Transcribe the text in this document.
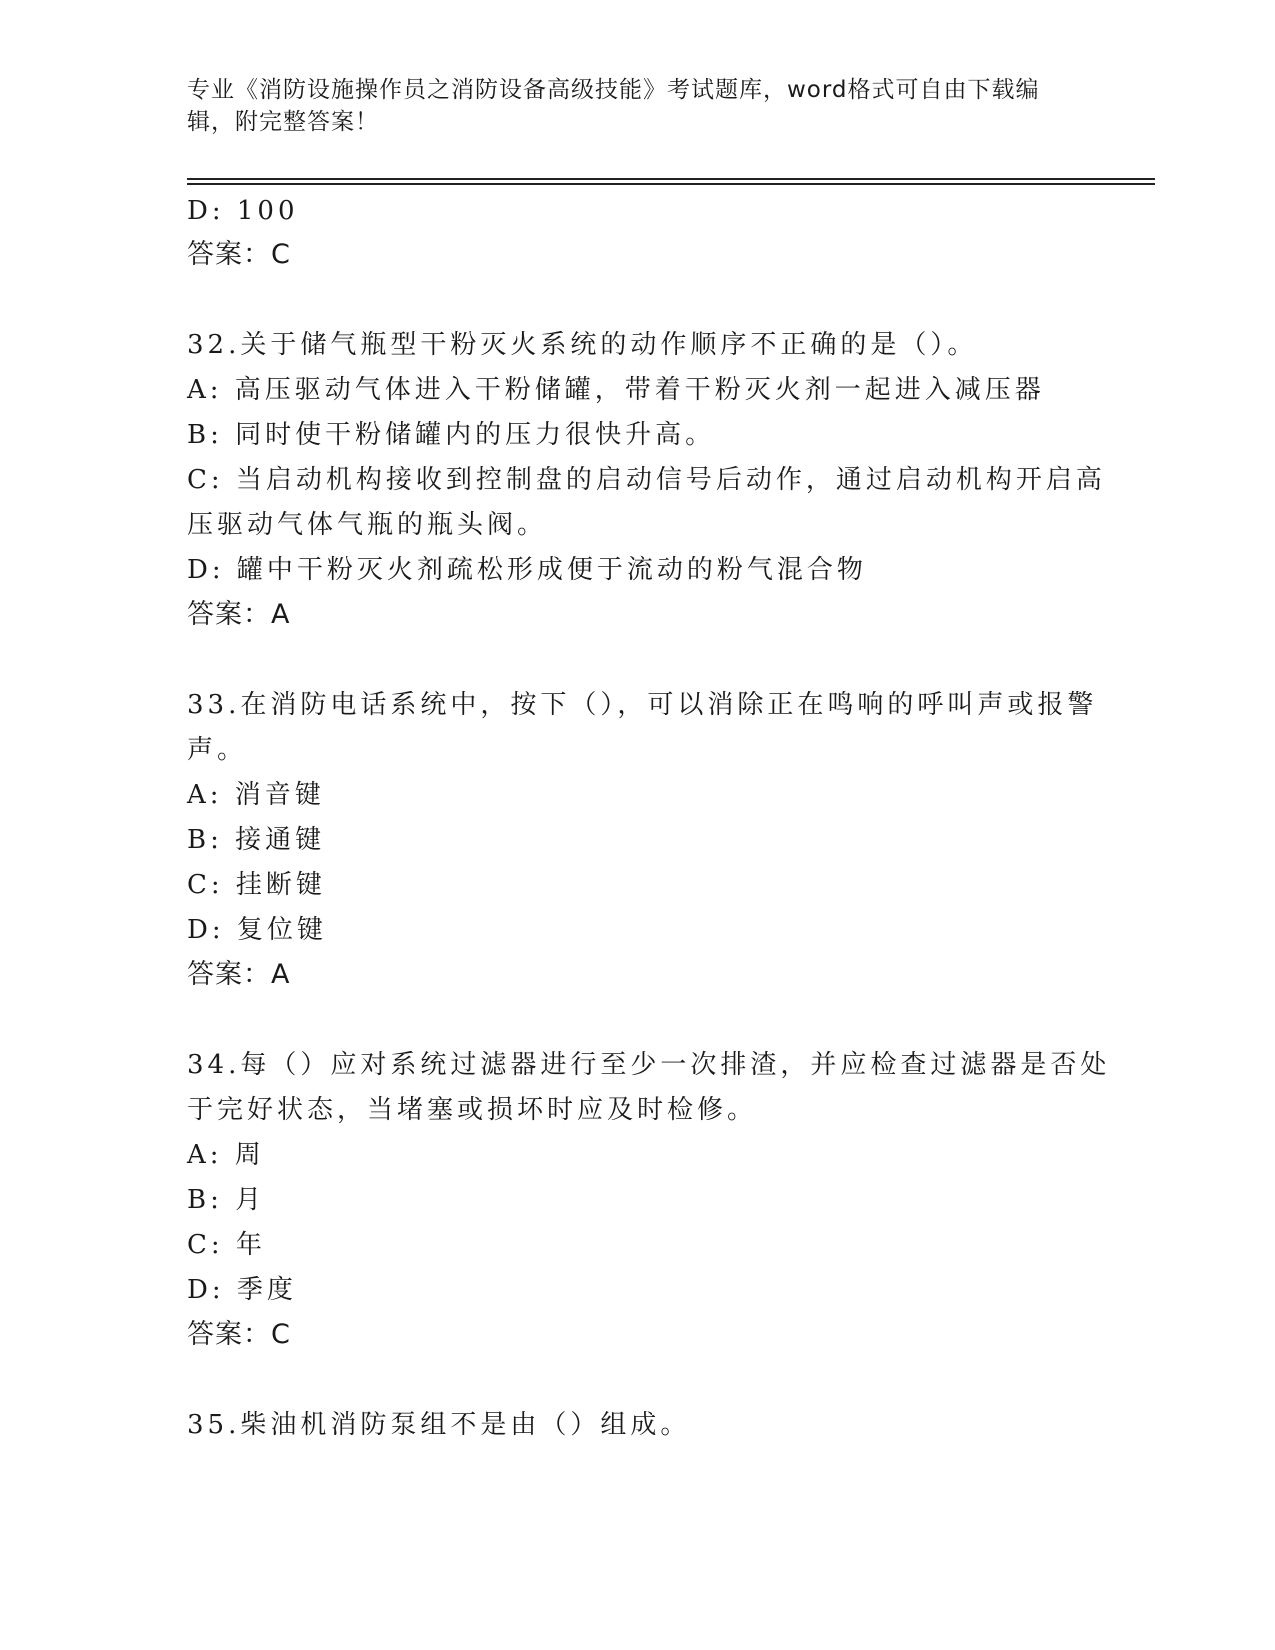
专业《消防设施操作员之消防设备高级技能》考试题库，word格式可自由下载编
辑，附完整答案！
D: 100
答案：C
32.关于储气瓶型干粉灭火系统的动作顺序不正确的是（）。
A: 高压驱动气体进入干粉储罐，带着干粉灭火剂一起进入减压器
B: 同时使干粉储罐内的压力很快升高。
C: 当启动机构接收到控制盘的启动信号后动作，通过启动机构开启高
压驱动气体气瓶的瓶头阀。
D: 罐中干粉灭火剂疏松形成便于流动的粉气混合物
答案：A
33.在消防电话系统中，按下（），可以消除正在鸣响的呼叫声或报警
声。
A: 消音键
B: 接通键
C: 挂断键
D: 复位键
答案：A
34.每（）应对系统过滤器进行至少一次排渣，并应检查过滤器是否处
于完好状态，当堵塞或损坏时应及时检修。
A: 周
B: 月
C: 年
D: 季度
答案：C
35.柴油机消防泵组不是由（）组成。
